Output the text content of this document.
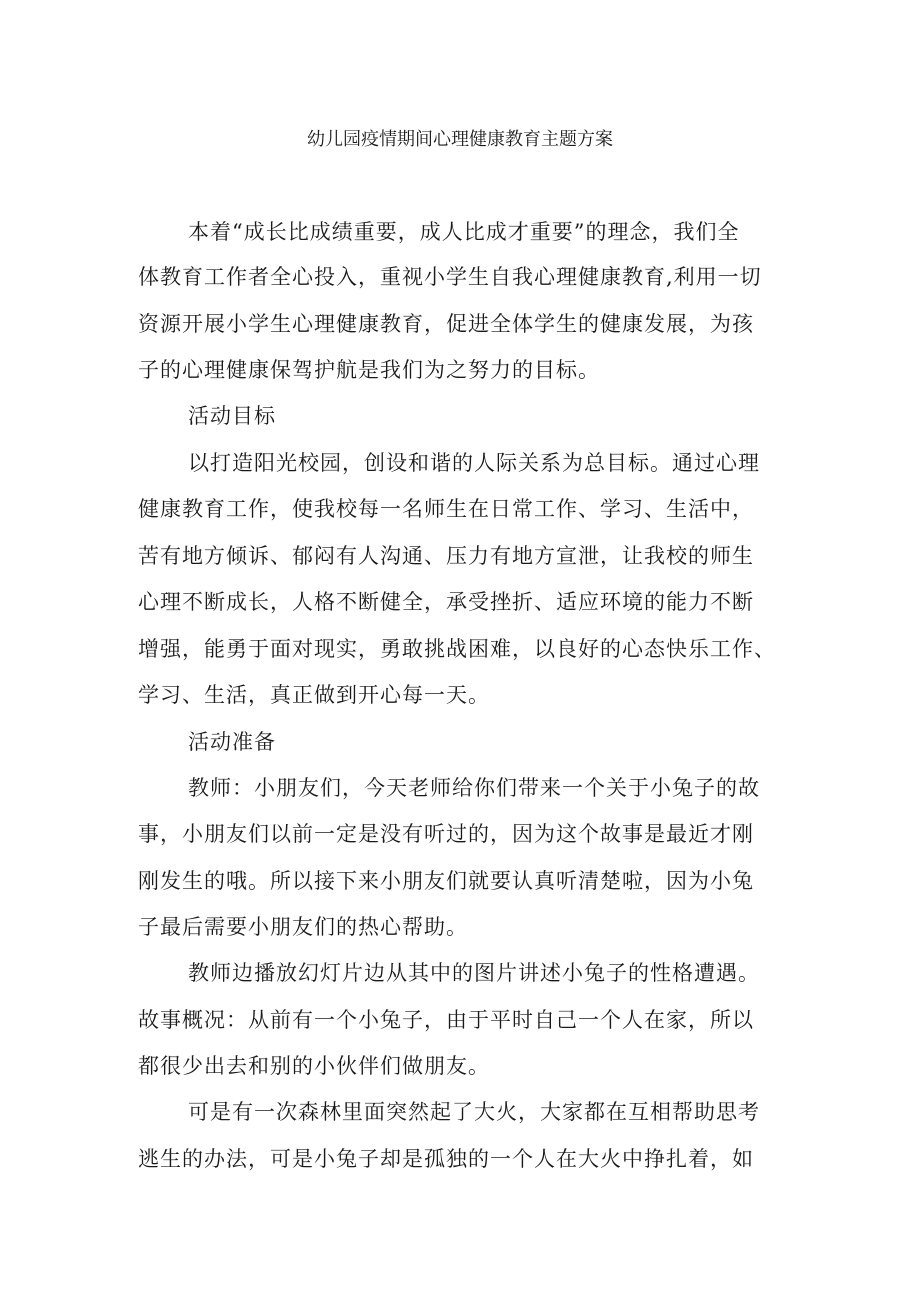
幼儿园疫情期间心理健康教育主题方案
本着“成长比成绩重要，成人比成才重要”的理念，我们全
体教育工作者全心投入，重视小学生自我心理健康教育,利用一切
资源开展小学生心理健康教育，促进全体学生的健康发展，为孩
子的心理健康保驾护航是我们为之努力的目标。
活动目标
以打造阳光校园，创设和谐的人际关系为总目标。通过心理
健康教育工作，使我校每一名师生在日常工作、学习、生活中，
苦有地方倾诉、郁闷有人沟通、压力有地方宣泄，让我校的师生
心理不断成长，人格不断健全，承受挫折、适应环境的能力不断
增强，能勇于面对现实，勇敢挑战困难，以良好的心态快乐工作、
学习、生活，真正做到开心每一天。
活动准备
教师：小朋友们，今天老师给你们带来一个关于小兔子的故
事，小朋友们以前一定是没有听过的，因为这个故事是最近才刚
刚发生的哦。所以接下来小朋友们就要认真听清楚啦，因为小兔
子最后需要小朋友们的热心帮助。
教师边播放幻灯片边从其中的图片讲述小兔子的性格遭遇。
故事概况：从前有一个小兔子，由于平时自己一个人在家，所以
都很少出去和别的小伙伴们做朋友。
可是有一次森林里面突然起了大火，大家都在互相帮助思考
逃生的办法，可是小兔子却是孤独的一个人在大火中挣扎着，如
